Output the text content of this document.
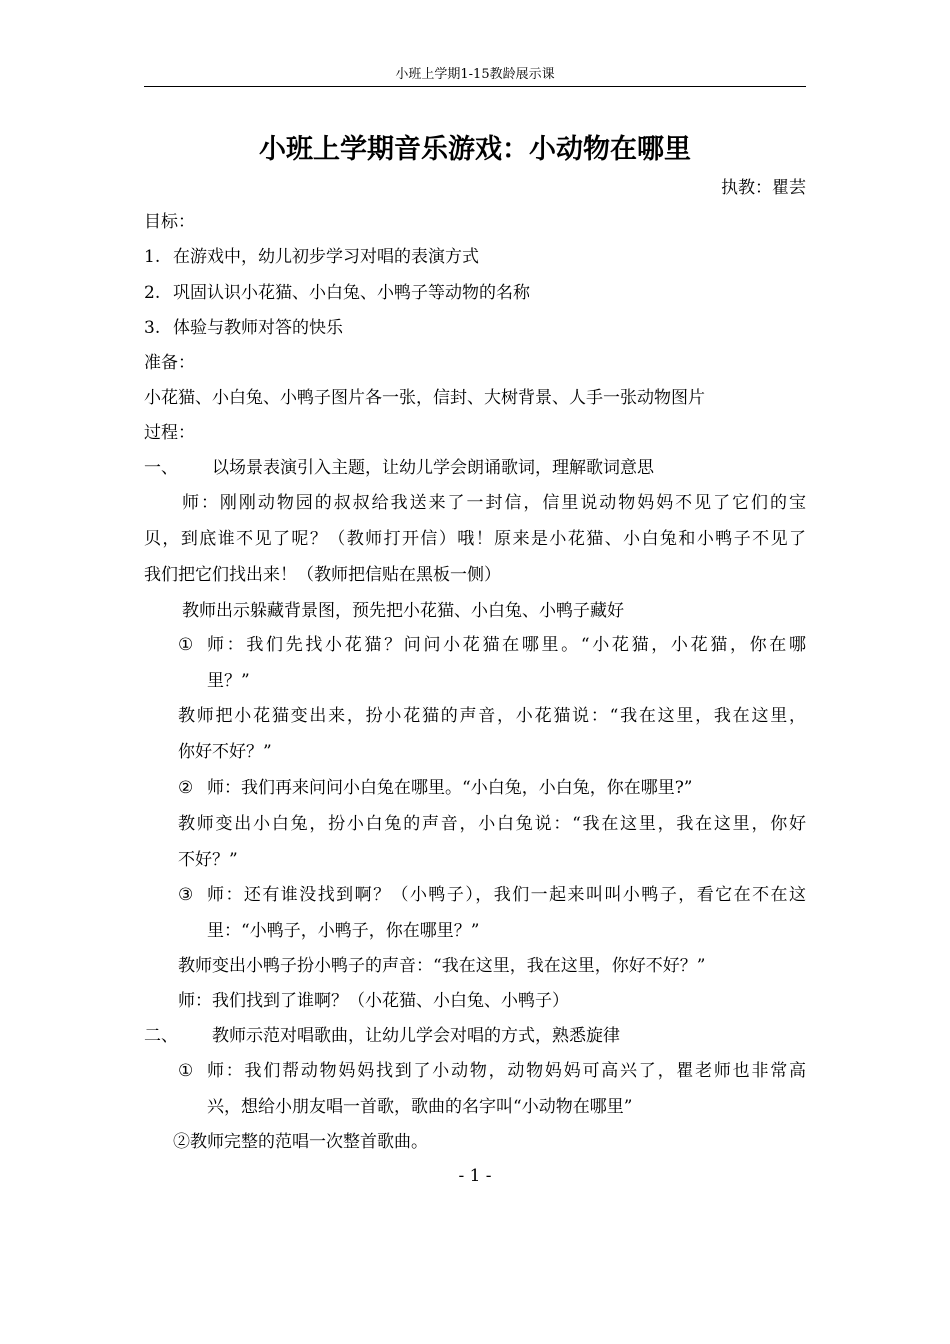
小班上学期1-15教龄展示课
小班上学期音乐游戏：小动物在哪里
执教：瞿芸
目标：
1. 在游戏中，幼儿初步学习对唱的表演方式
2. 巩固认识小花猫、小白兔、小鸭子等动物的名称
3. 体验与教师对答的快乐
准备：
小花猫、小白兔、小鸭子图片各一张，信封、大树背景、人手一张动物图片
过程：
一、 以场景表演引入主题，让幼儿学会朗诵歌词，理解歌词意思
师：刚刚动物园的叔叔给我送来了一封信，信里说动物妈妈不见了它们的宝
贝，到底谁不见了呢？（教师打开信）哦！原来是小花猫、小白兔和小鸭子不见了
我们把它们找出来！（教师把信贴在黑板一侧）
教师出示躲藏背景图，预先把小花猫、小白兔、小鸭子藏好
① 师：我们先找小花猫？问问小花猫在哪里。“小花猫，小花猫，你在哪
里？”
教师把小花猫变出来，扮小花猫的声音，小花猫说：“我在这里，我在这里，
你好不好？”
② 师：我们再来问问小白兔在哪里。“小白兔，小白兔，你在哪里?”
教师变出小白兔，扮小白兔的声音，小白兔说：“我在这里，我在这里，你好
不好？”
③ 师：还有谁没找到啊？（小鸭子），我们一起来叫叫小鸭子，看它在不在这
里：“小鸭子，小鸭子，你在哪里？”
教师变出小鸭子扮小鸭子的声音：“我在这里，我在这里，你好不好？”
师：我们找到了谁啊？（小花猫、小白兔、小鸭子）
二、 教师示范对唱歌曲，让幼儿学会对唱的方式，熟悉旋律
① 师：我们帮动物妈妈找到了小动物，动物妈妈可高兴了，瞿老师也非常高
兴，想给小朋友唱一首歌，歌曲的名字叫“小动物在哪里”
②教师完整的范唱一次整首歌曲。
- 1 -
